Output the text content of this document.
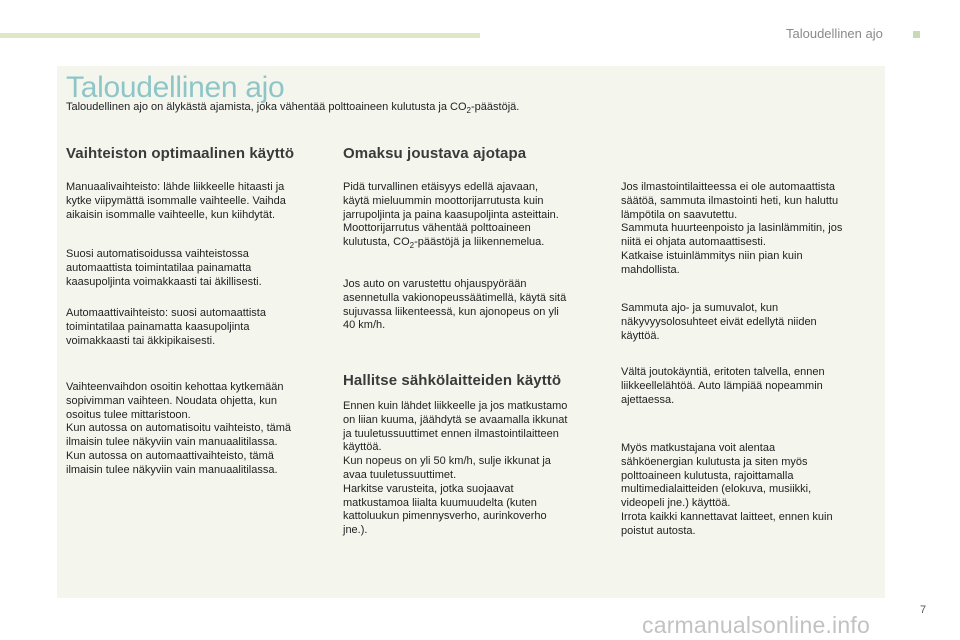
Taloudellinen ajo
Taloudellinen ajo
Taloudellinen ajo on älykästä ajamista, joka vähentää polttoaineen kulutusta ja $CO_2$-päästöjä.
Vaihteiston optimaalinen käyttö

Manuaalivaihteisto: lähde liikkeelle hitaasti ja
kytke viipymättä isommalle vaihteelle. Vaihda
aikaisin isommalle vaihteelle, kun kiihdytät.

Suosi automatisoidussa vaihteistossa
automaattista toimintatilaa painamatta
kaasupoljinta voimakkaasti tai äkillisesti.

Automaattivaihteisto: suosi automaattista
toimintatilaa painamatta kaasupoljinta
voimakkaasti tai äkkipikaisesti.

Vaihteenvaihdon osoitin kehottaa kytkemään
sopivimman vaihteen. Noudata ohjetta, kun
osoitus tulee mittaristoon.
Kun autossa on automatisoitu vaihteisto, tämä
ilmaisin tulee näkyviin vain manuaalitilassa.
Kun autossa on automaattivaihteisto, tämä
ilmaisin tulee näkyviin vain manuaalitilassa.

Omaksu joustava ajotapa

Pidä turvallinen etäisyys edellä ajavaan,
käytä mieluummin moottorijarrutusta kuin
jarrupoljinta ja paina kaasupoljinta asteittain.
Moottorijarrutus vähentää polttoaineen
kulutusta, $CO_2$-päästöjä ja liikennemelua.

Jos auto on varustettu ohjauspyörään
asennetulla vakionopeussäätimellä, käytä sitä
sujuvassa liikenteessä, kun ajonopeus on yli
40 km/h.

Hallitse sähkölaitteiden käyttö

Ennen kuin lähdet liikkeelle ja jos matkustamo
on liian kuuma, jäähdytä se avaamalla ikkunat
ja tuuletussuuttimet ennen ilmastointilaitteen
käyttöä.
Kun nopeus on yli 50 km/h, sulje ikkunat ja
avaa tuuletussuuttimet.
Harkitse varusteita, jotka suojaavat
matkustamoa liialta kuumuudelta (kuten
kattoluukun pimennysverho, aurinkoverho
jne.).

Jos ilmastointilaitteessa ei ole automaattista
säätöä, sammuta ilmastointi heti, kun haluttu
lämpötila on saavutettu.
Sammuta huurteenpoisto ja lasinlämmitin, jos
niitä ei ohjata automaattisesti.
Katkaise istuinlämmitys niin pian kuin
mahdollista.

Sammuta ajo- ja sumuvalot, kun
näkyvyysolosuhteet eivät edellytä niiden
käyttöä.

Vältä joutokäyntiä, eritoten talvella, ennen
liikkeellelähtöä. Auto lämpiää nopeammin
ajettaessa.

Myös matkustajana voit alentaa
sähköenergian kulutusta ja siten myös
polttoaineen kulutusta, rajoittamalla
multimedialaitteiden (elokuva, musiikki,
videopeli jne.) käyttöä.
Irrota kaikki kannettavat laitteet, ennen kuin
poistut autosta.

7
carmanualsonline.info
